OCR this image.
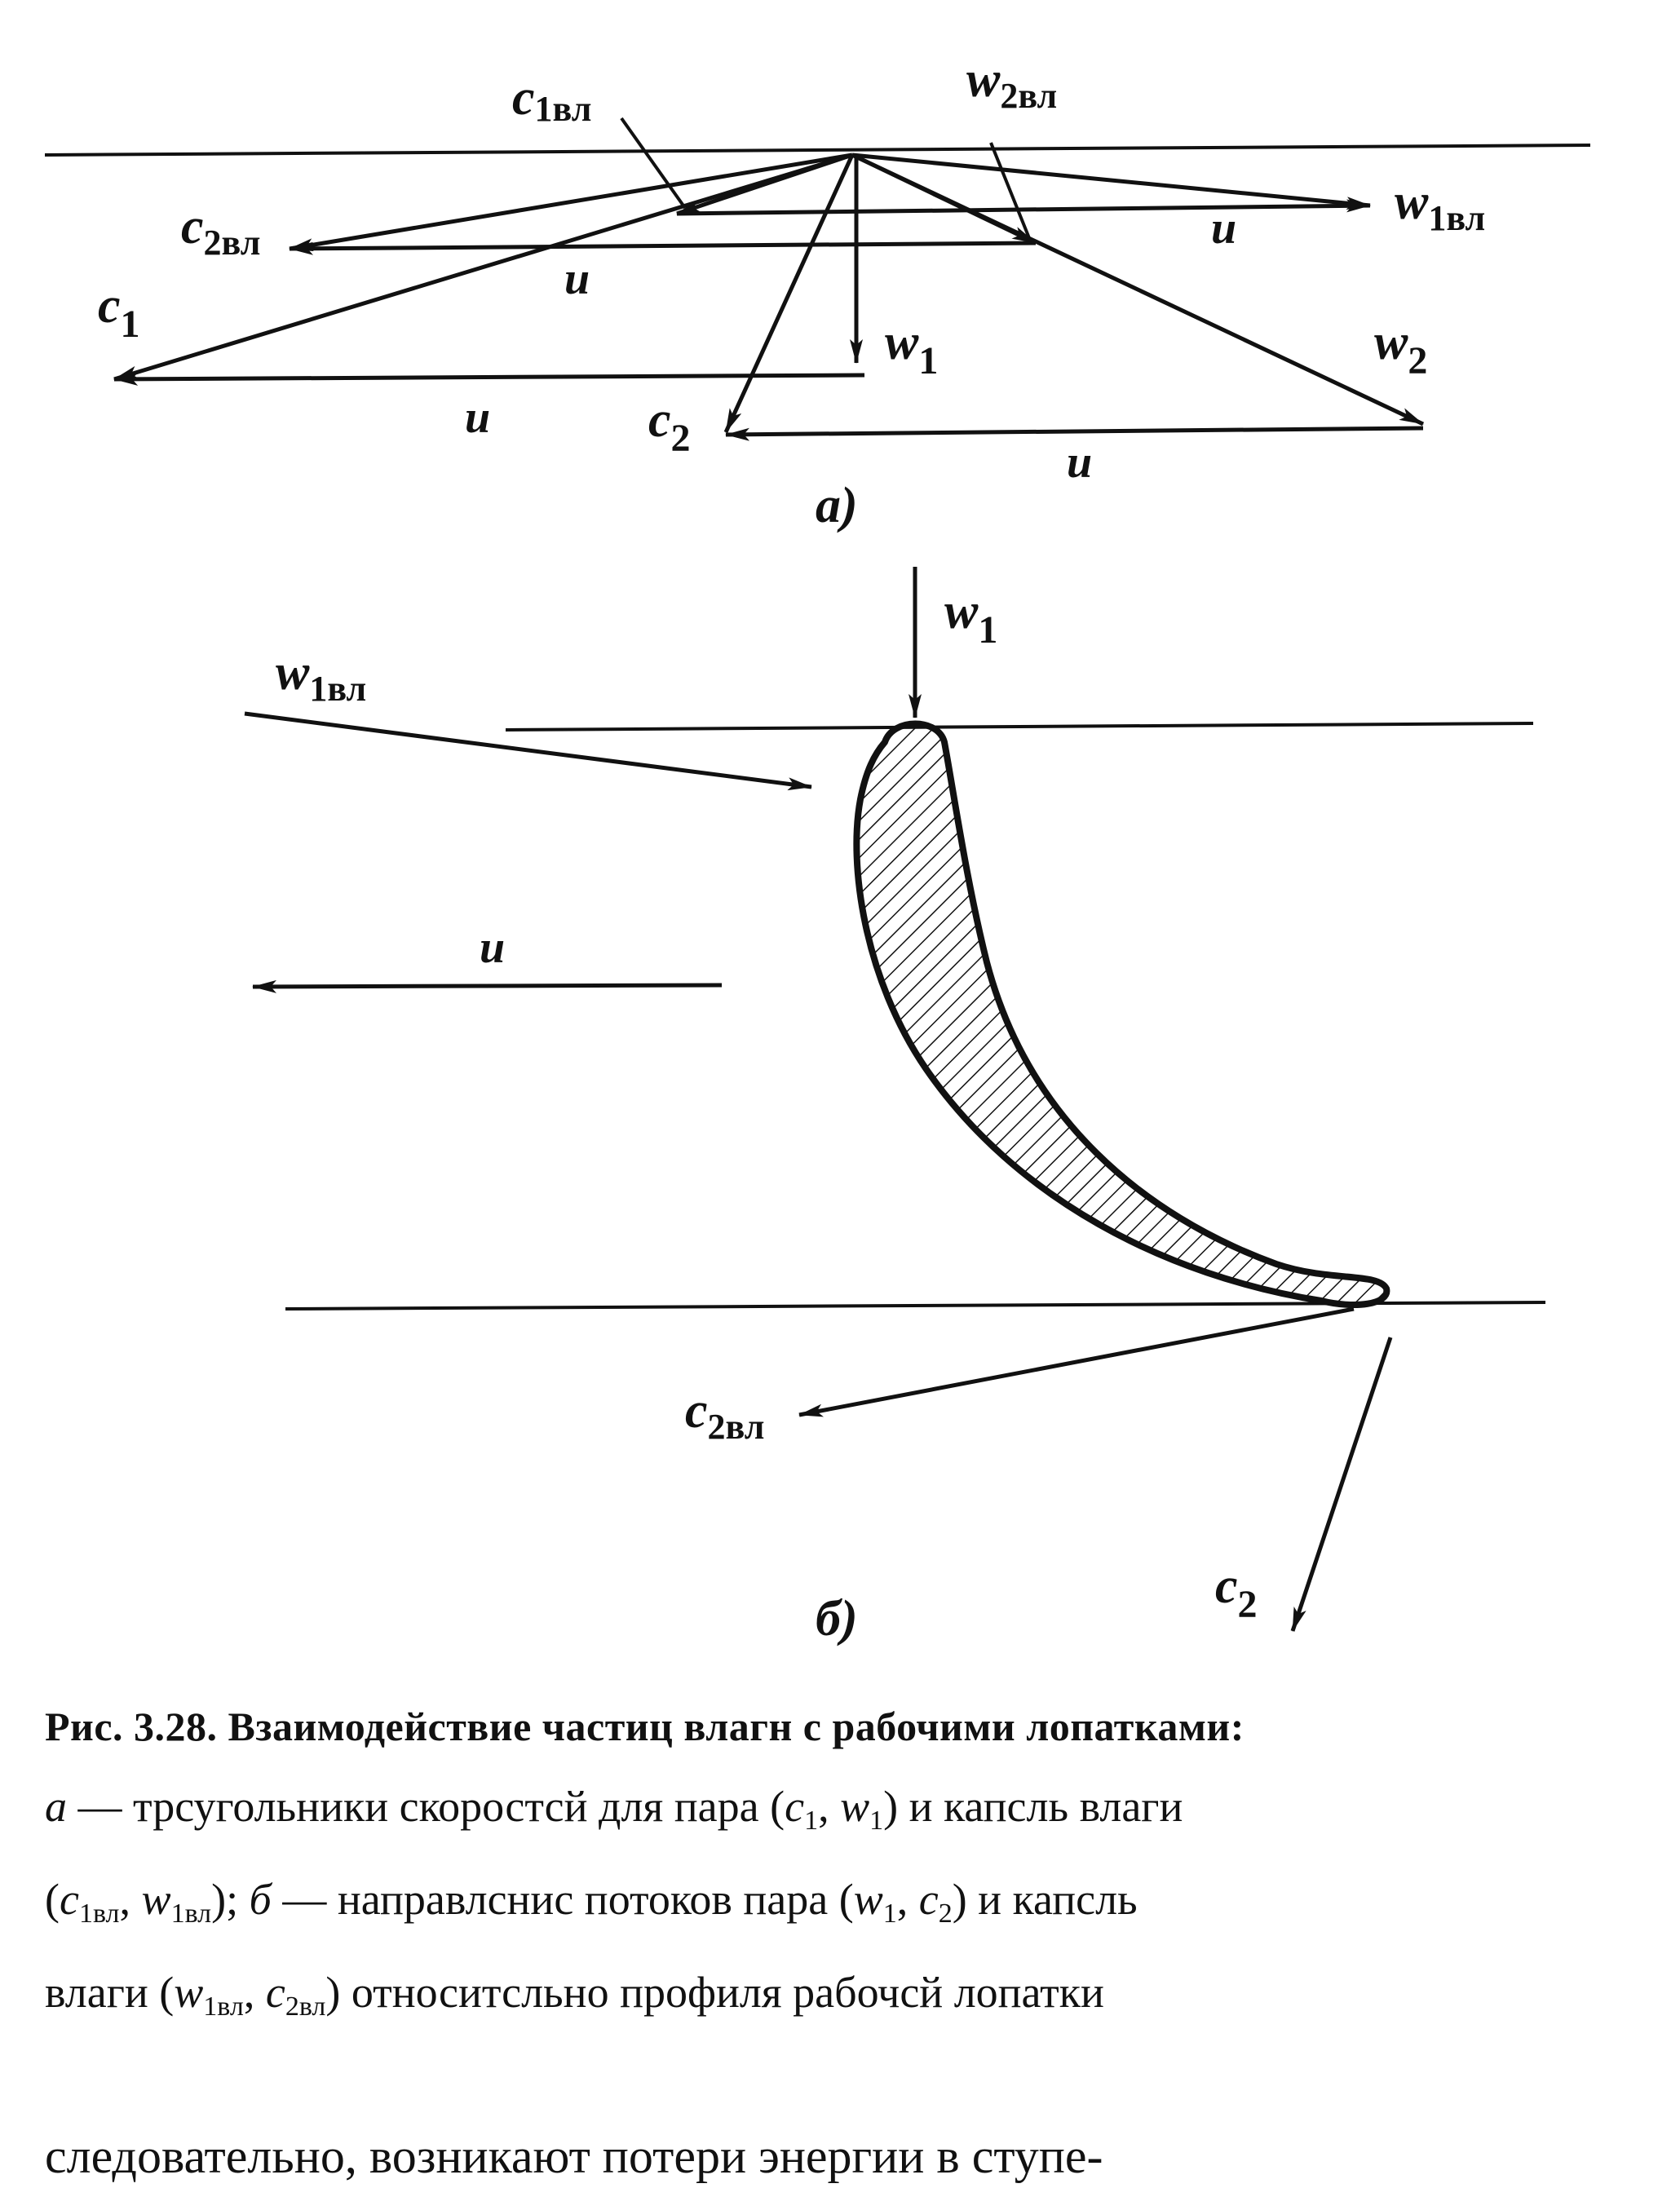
c1вл
$w_{2вл}$
$c_{2вл}$
$w_{1вл}$
$c_1$	$w_1$
$c_2$
$w_2$
u
u
u
u
а)
$w_1$
$w_{1вл}$
u
$c_{2вл}$
$c_2$
б)

Рис. 3.28. Взаимодействие частиц влагн с рабочими лопатками:

а — трсугольники скоростсй для пара ($c_1$, $w_1$) и капсль влаги
($c_{1вл}$, $w_{1вл}$); б — направлснис потоков пара ($w_1$, $c_2$) и капсль
влаги ($w_{1вл}$, $c_{2вл}$) относитсльно профиля рабочсй лопатки

следовательно, возникают потери энергии в ступе-
